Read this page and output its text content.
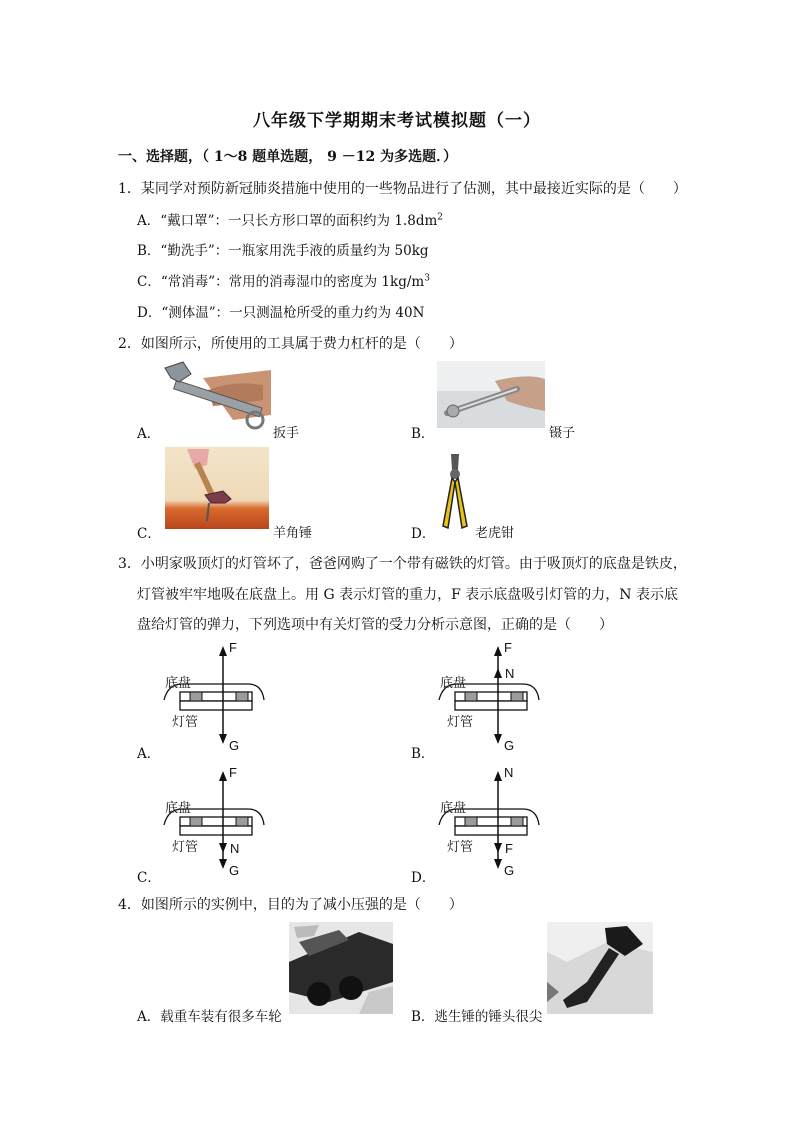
八年级下学期期末考试模拟题（一）
一、选择题，（ 1～8 题单选题， 9 －12 为多选题．）
1．某同学对预防新冠肺炎措施中使用的一些物品进行了估测，其中最接近实际的是（　　）
A．“戴口罩”：一只长方形口罩的面积约为 $1.8dm^2$
B．“勤洗手”：一瓶家用洗手液的质量约为 50kg
C．“常消毒”：常用的消毒湿巾的密度为 $1kg/m^3$
D．“测体温”：一只测温枪所受的重力约为 40N
2．如图所示，所使用的工具属于费力杠杆的是（　　）
A．	扳手	B．	镊子
C．	羊角锤	D．	老虎钳
3．小明家吸顶灯的灯管坏了，爸爸网购了一个带有磁铁的灯管。由于吸顶灯的底盘是铁皮，
灯管被牢牢地吸在底盘上。用 G 表示灯管的重力，F 表示底盘吸引灯管的力，N 表示底
盘给灯管的弹力，下列选项中有关灯管的受力分析示意图，正确的是（　　）
底盘
灯管
F
G
底盘
灯管
F
N
G
底盘
灯管
F
N
G
底盘
灯管
N
F
G
A．	B．
C．	D．
4．如图所示的实例中，目的为了减小压强的是（　　）
A．载重车装有很多车轮	B．逃生锤的锤头很尖
